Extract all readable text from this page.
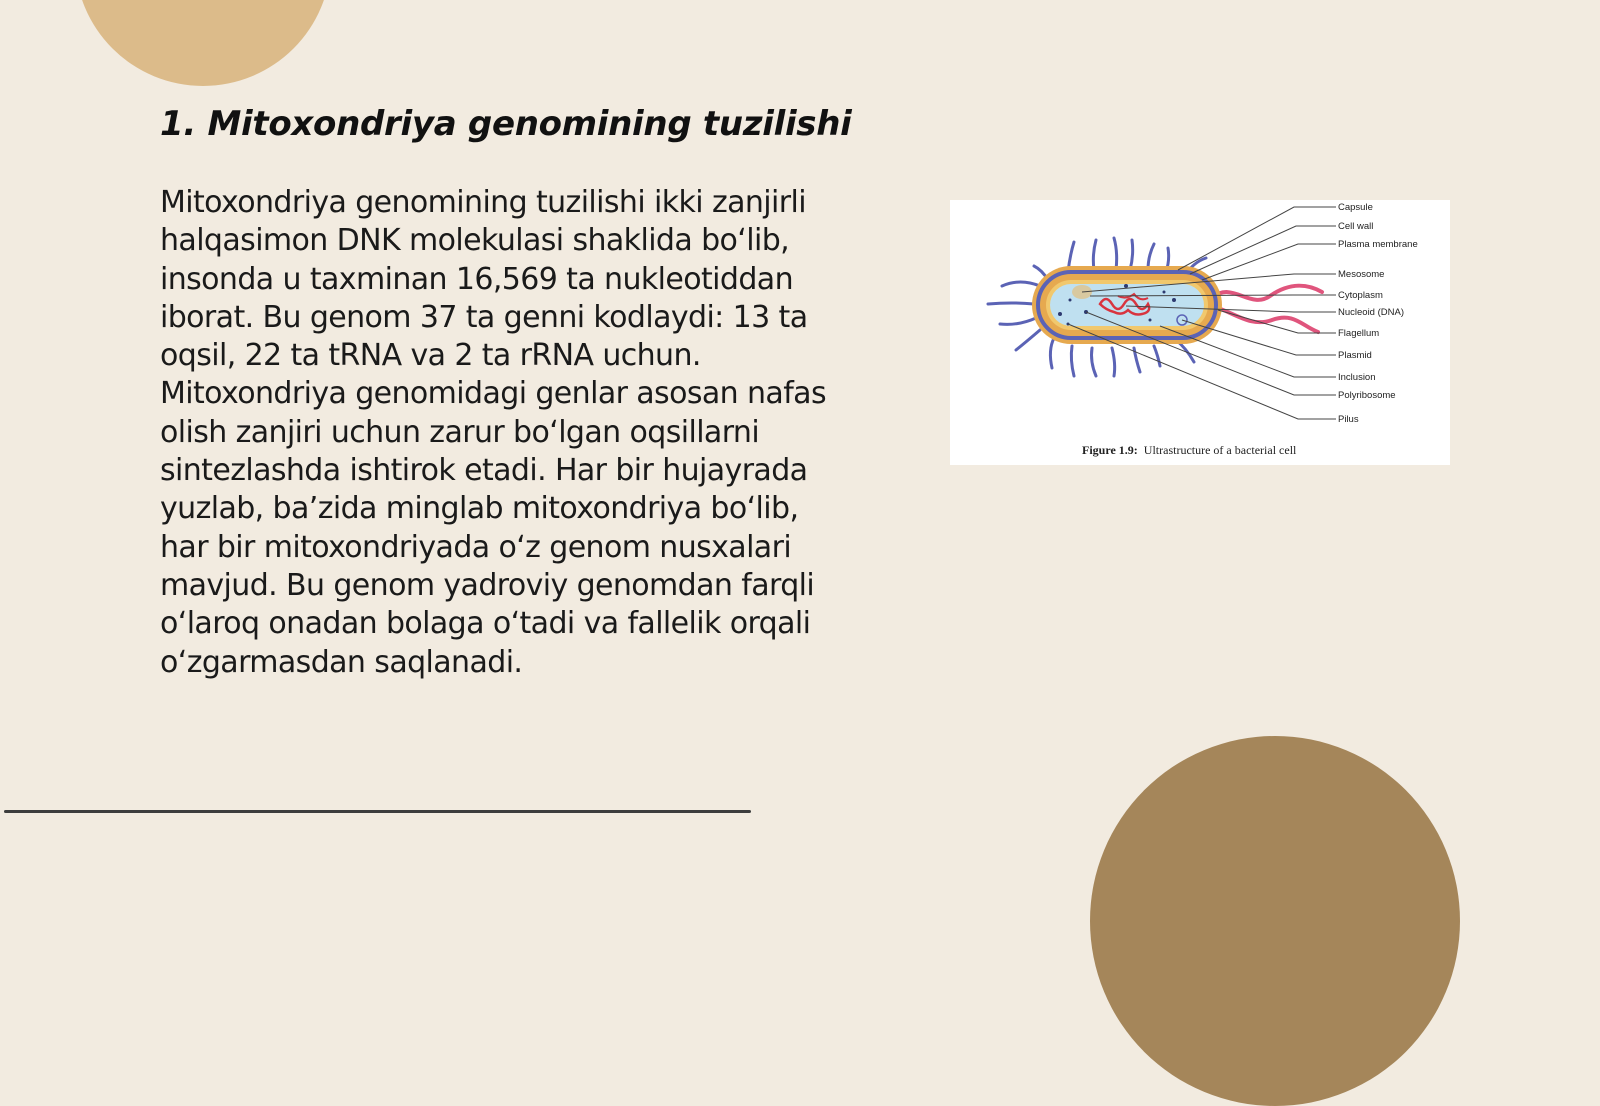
1. Mitoxondriya genomining tuzilishi

Mitoxondriya genomining tuzilishi ikki zanjirli halqasimon DNK molekulasi shaklida bo‘lib, insonda u taxminan 16,569 ta nukleotiddan iborat. Bu genom 37 ta genni kodlaydi: 13 ta oqsil, 22 ta tRNA va 2 ta rRNA uchun. Mitoxondriya genomidagi genlar asosan nafas olish zanjiri uchun zarur bo‘lgan oqsillarni sintezlashda ishtirok etadi. Har bir hujayrada yuzlab, ba’zida minglab mitoxondriya bo‘lib, har bir mitoxondriyada o‘z genom nusxalari mavjud. Bu genom yadroviy genomdan farqli o‘laroq onadan bolaga o‘tadi va fallelik orqali o‘zgarmasdan saqlanadi.

Capsule
Cell wall
Plasma membrane
Mesosome
Cytoplasm
Nucleoid (DNA)
Flagellum
Plasmid
Inclusion
Polyribosome
Pilus
Figure 1.9: Ultrastructure of a bacterial cell
